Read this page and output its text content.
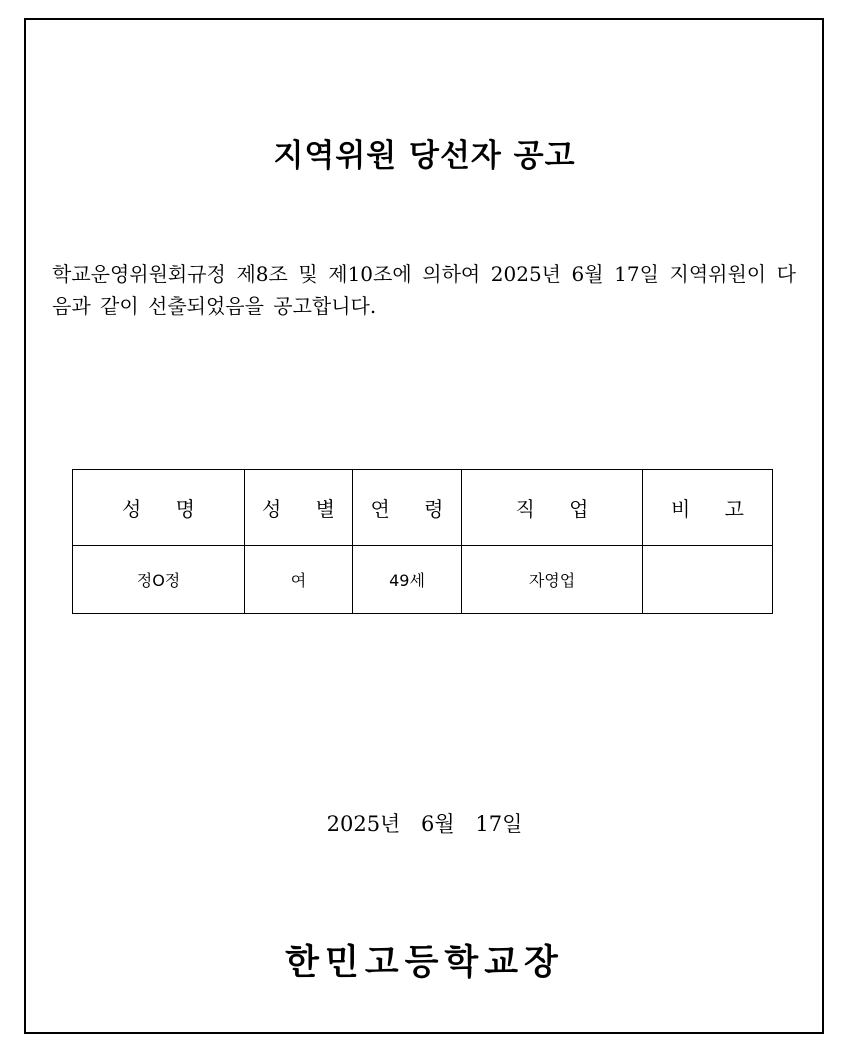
지역위원 당선자 공고

학교운영위원회규정 제8조 및 제10조에 의하여 2025년 6월 17일 지역위원이 다음과 같이 선출되었음을 공고합니다.

성 명	성 별	연 령	직 업	비 고
정O정	여	49세	자영업	

2025년 6월 17일

한민고등학교장
